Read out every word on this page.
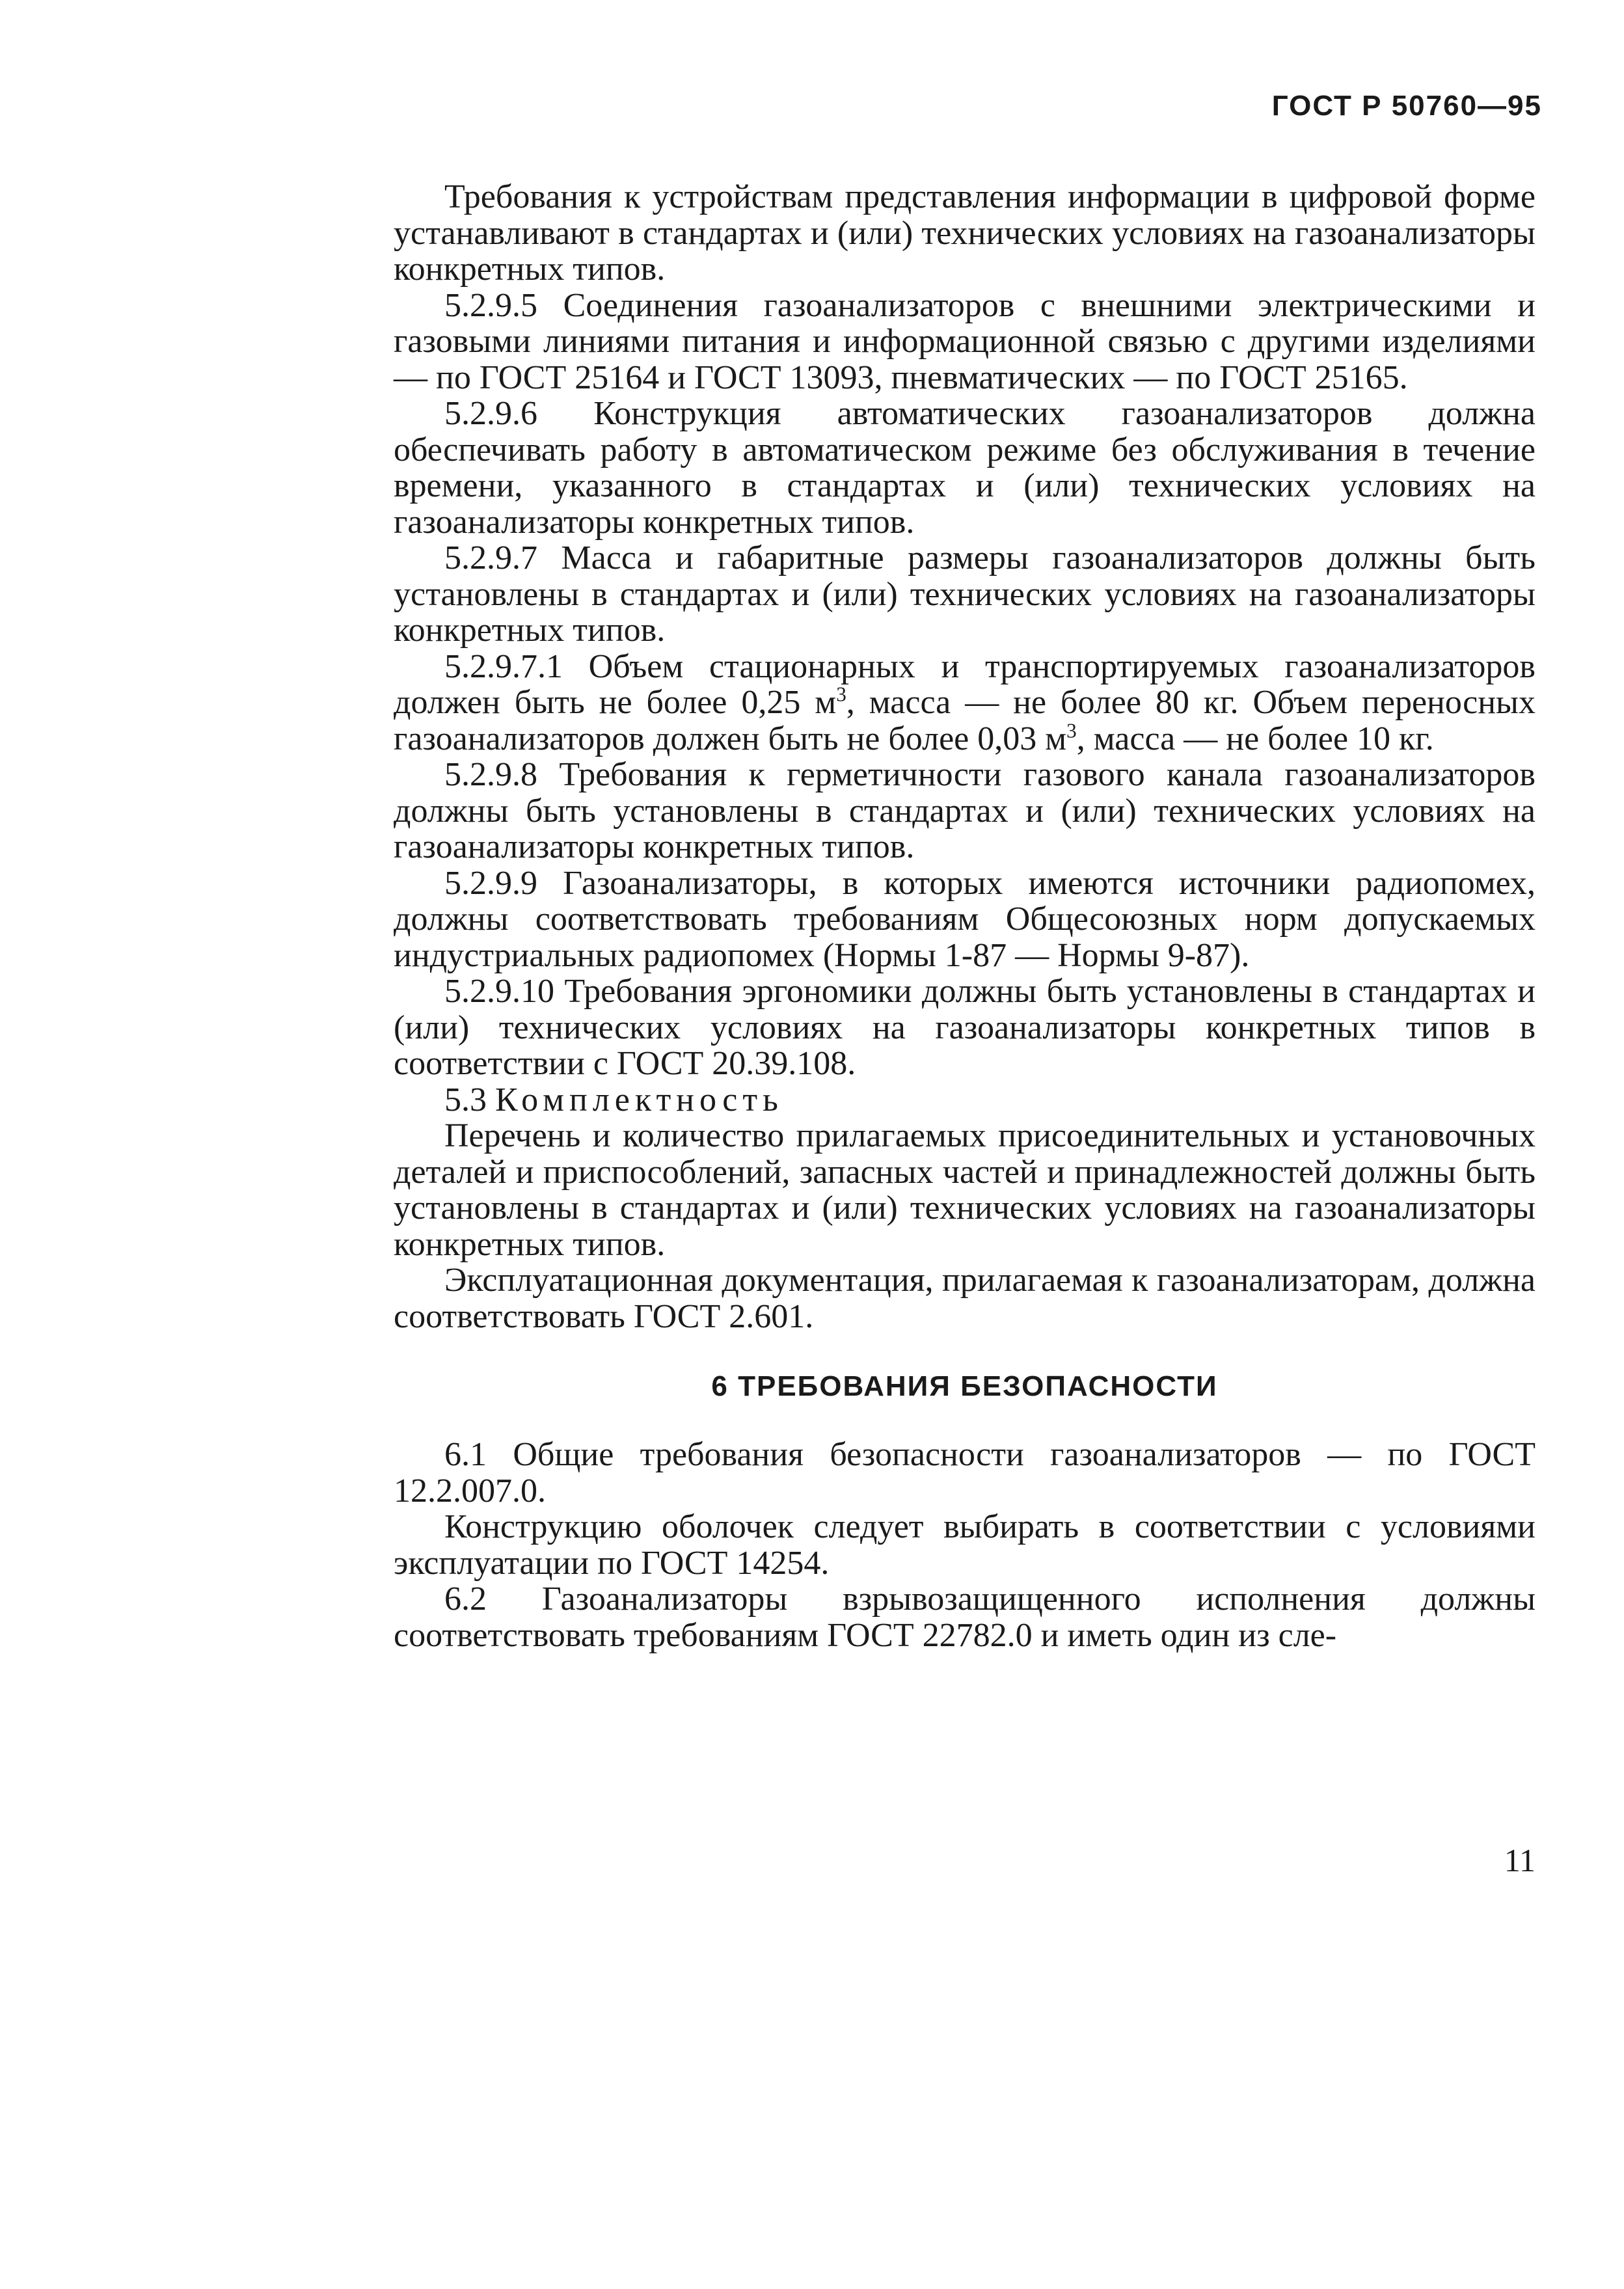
ГОСТ Р 50760—95

Требования к устройствам представления информации в цифровой форме устанавливают в стандартах и (или) технических условиях на газоанализаторы конкретных типов.

5.2.9.5 Соединения газоанализаторов с внешними электрическими и газовыми линиями питания и информационной связью с другими изделиями — по ГОСТ 25164 и ГОСТ 13093, пневматических — по ГОСТ 25165.

5.2.9.6 Конструкция автоматических газоанализаторов должна обеспечивать работу в автоматическом режиме без обслуживания в течение времени, указанного в стандартах и (или) технических условиях на газоанализаторы конкретных типов.

5.2.9.7 Масса и габаритные размеры газоанализаторов должны быть установлены в стандартах и (или) технических условиях на газоанализаторы конкретных типов.

5.2.9.7.1 Объем стационарных и транспортируемых газоанализаторов должен быть не более 0,25 $м^3$, масса — не более 80 кг. Объем переносных газоанализаторов должен быть не более 0,03 $м^3$, масса — не более 10 кг.

5.2.9.8 Требования к герметичности газового канала газоанализаторов должны быть установлены в стандартах и (или) технических условиях на газоанализаторы конкретных типов.

5.2.9.9 Газоанализаторы, в которых имеются источники радиопомех, должны соответствовать требованиям Общесоюзных норм допускаемых индустриальных радиопомех (Нормы 1-87 — Нормы 9-87).

5.2.9.10 Требования эргономики должны быть установлены в стандартах и (или) технических условиях на газоанализаторы конкретных типов в соответствии с ГОСТ 20.39.108.

5.3 Комплектность

Перечень и количество прилагаемых присоединительных и установочных деталей и приспособлений, запасных частей и принадлежностей должны быть установлены в стандартах и (или) технических условиях на газоанализаторы конкретных типов.

Эксплуатационная документация, прилагаемая к газоанализаторам, должна соответствовать ГОСТ 2.601.

6 ТРЕБОВАНИЯ БЕЗОПАСНОСТИ

6.1 Общие требования безопасности газоанализаторов — по ГОСТ 12.2.007.0.

Конструкцию оболочек следует выбирать в соответствии с условиями эксплуатации по ГОСТ 14254.

6.2 Газоанализаторы взрывозащищенного исполнения должны соответствовать требованиям ГОСТ 22782.0 и иметь один из сле-

11
